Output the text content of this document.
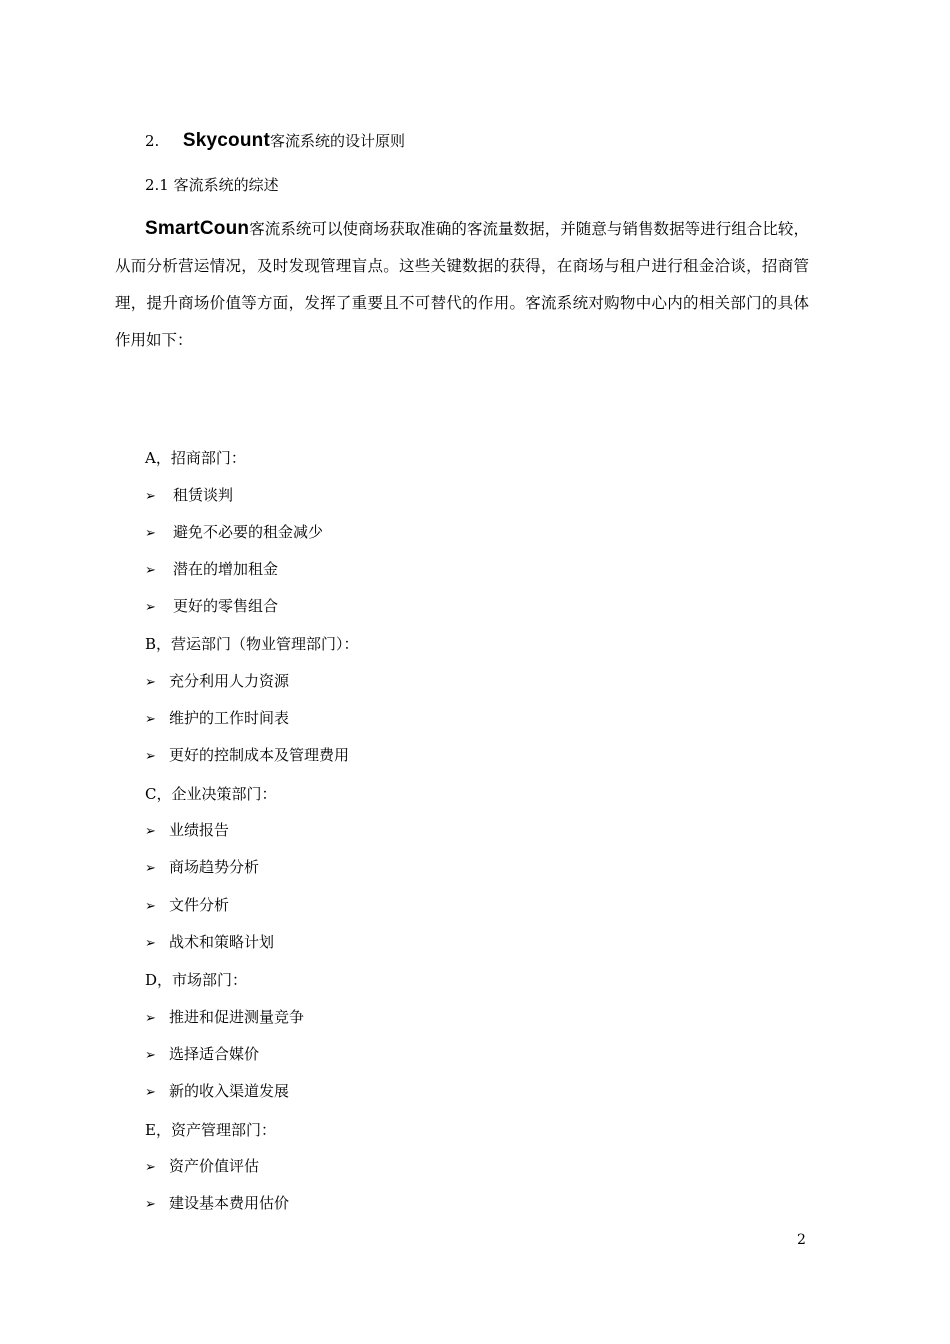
2. Skycount客流系统的设计原则
2.1 客流系统的综述
SmartCoun客流系统可以使商场获取准确的客流量数据，并随意与销售数据等进行组合比较，从而分析营运情况，及时发现管理盲点。这些关键数据的获得，在商场与租户进行租金洽谈，招商管理，提升商场价值等方面，发挥了重要且不可替代的作用。客流系统对购物中心内的相关部门的具体作用如下：
A，招商部门：
➢ 租赁谈判
➢ 避免不必要的租金减少
➢ 潜在的增加租金
➢ 更好的零售组合
B，营运部门（物业管理部门）：
➢ 充分利用人力资源
➢ 维护的工作时间表
➢ 更好的控制成本及管理费用
C，企业决策部门：
➢ 业绩报告
➢ 商场趋势分析
➢ 文件分析
➢ 战术和策略计划
D，市场部门：
➢ 推进和促进测量竞争
➢ 选择适合媒价
➢ 新的收入渠道发展
E，资产管理部门：
➢ 资产价值评估
➢ 建设基本费用估价
2
